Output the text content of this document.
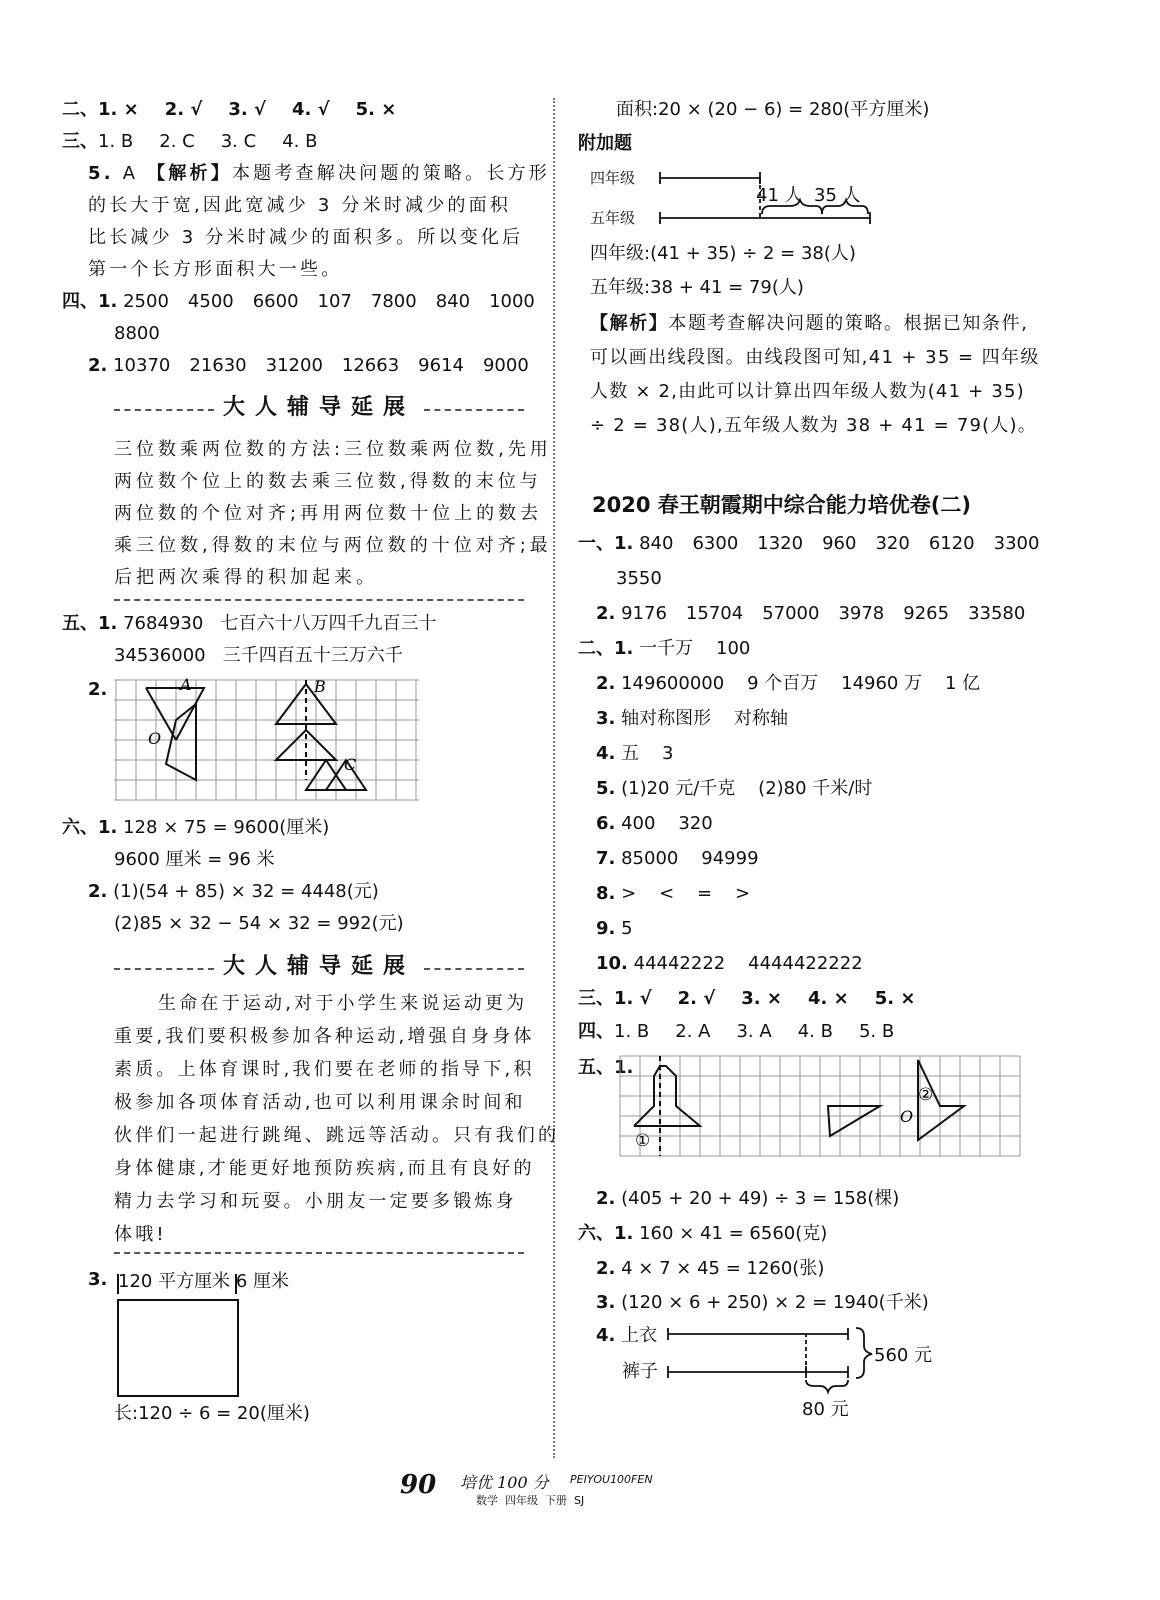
二、1. × 2. √ 3. √ 4. √ 5. ×
三、1. B 2. C 3. C 4. B
5. A 【解析】本题考查解决问题的策略。长方形
的长大于宽,因此宽减少 3 分米时减少的面积
比长减少 3 分米时减少的面积多。所以变化后
第一个长方形面积大一些。
四、1. 2500 4500 6600 107 7800 840 1000
8800
2. 10370 21630 31200 12663 9614 9000
大人辅导延展
三位数乘两位数的方法:三位数乘两位数,先用
两位数个位上的数去乘三位数,得数的末位与
两位数的个位对齐;再用两位数十位上的数去
乘三位数,得数的末位与两位数的十位对齐;最
后把两次乘得的积加起来。
五、1. 7684930 七百六十八万四千九百三十
34536000 三千四百五十三万六千
2.	A	B
O
C
六、1. 128 × 75 = 9600(厘米)
9600 厘米 = 96 米
2. (1)(54 + 85) × 32 = 4448(元)
(2)85 × 32 − 54 × 32 = 992(元)
大人辅导延展
生命在于运动,对于小学生来说运动更为
重要,我们要积极参加各种运动,增强自身身体
素质。上体育课时,我们要在老师的指导下,积
极参加各项体育活动,也可以利用课余时间和
伙伴们一起进行跳绳、跳远等活动。只有我们的
身体健康,才能更好地预防疾病,而且有良好的
精力去学习和玩耍。小朋友一定要多锻炼身
体哦!
3. 120 平方厘米 6 厘米
长:120 ÷ 6 = 20(厘米)
面积:20 × (20 − 6) = 280(平方厘米)
附加题
四年级
五年级
41 人 35 人
四年级:(41 + 35) ÷ 2 = 38(人)
五年级:38 + 41 = 79(人)
【解析】本题考查解决问题的策略。根据已知条件,
可以画出线段图。由线段图可知,41 + 35 = 四年级
人数 × 2,由此可以计算出四年级人数为(41 + 35)
÷ 2 = 38(人),五年级人数为 38 + 41 = 79(人)。
2020 春王朝霞期中综合能力培优卷(二)
一、1. 840 6300 1320 960 320 6120 3300
3550
2. 9176 15704 57000 3978 9265 33580
二、1. 一千万    100
2. 149600000    9 个百万    14960 万    1 亿
3. 轴对称图形    对称轴
4. 五    3
5. (1)20 元/千克    (2)80 千米/时
6. 400    320
7. 85000    94999
8. >    <    =    >
9. 5
10. 44442222    4444422222
三、1. √ 2. √ 3. × 4. × 5. ×
四、1. B 2. A 3. A 4. B 5. B
五、1.
①
②
O
2. (405 + 20 + 49) ÷ 3 = 158(棵)
六、1. 160 × 41 = 6560(克)
2. 4 × 7 × 45 = 1260(张)
3. (120 × 6 + 250) × 2 = 1940(千米)
4. 上衣
裤子
560 元
80 元
90 培优 100 分 PEIYOU100FEN
数学  四年级  下册  SJ
